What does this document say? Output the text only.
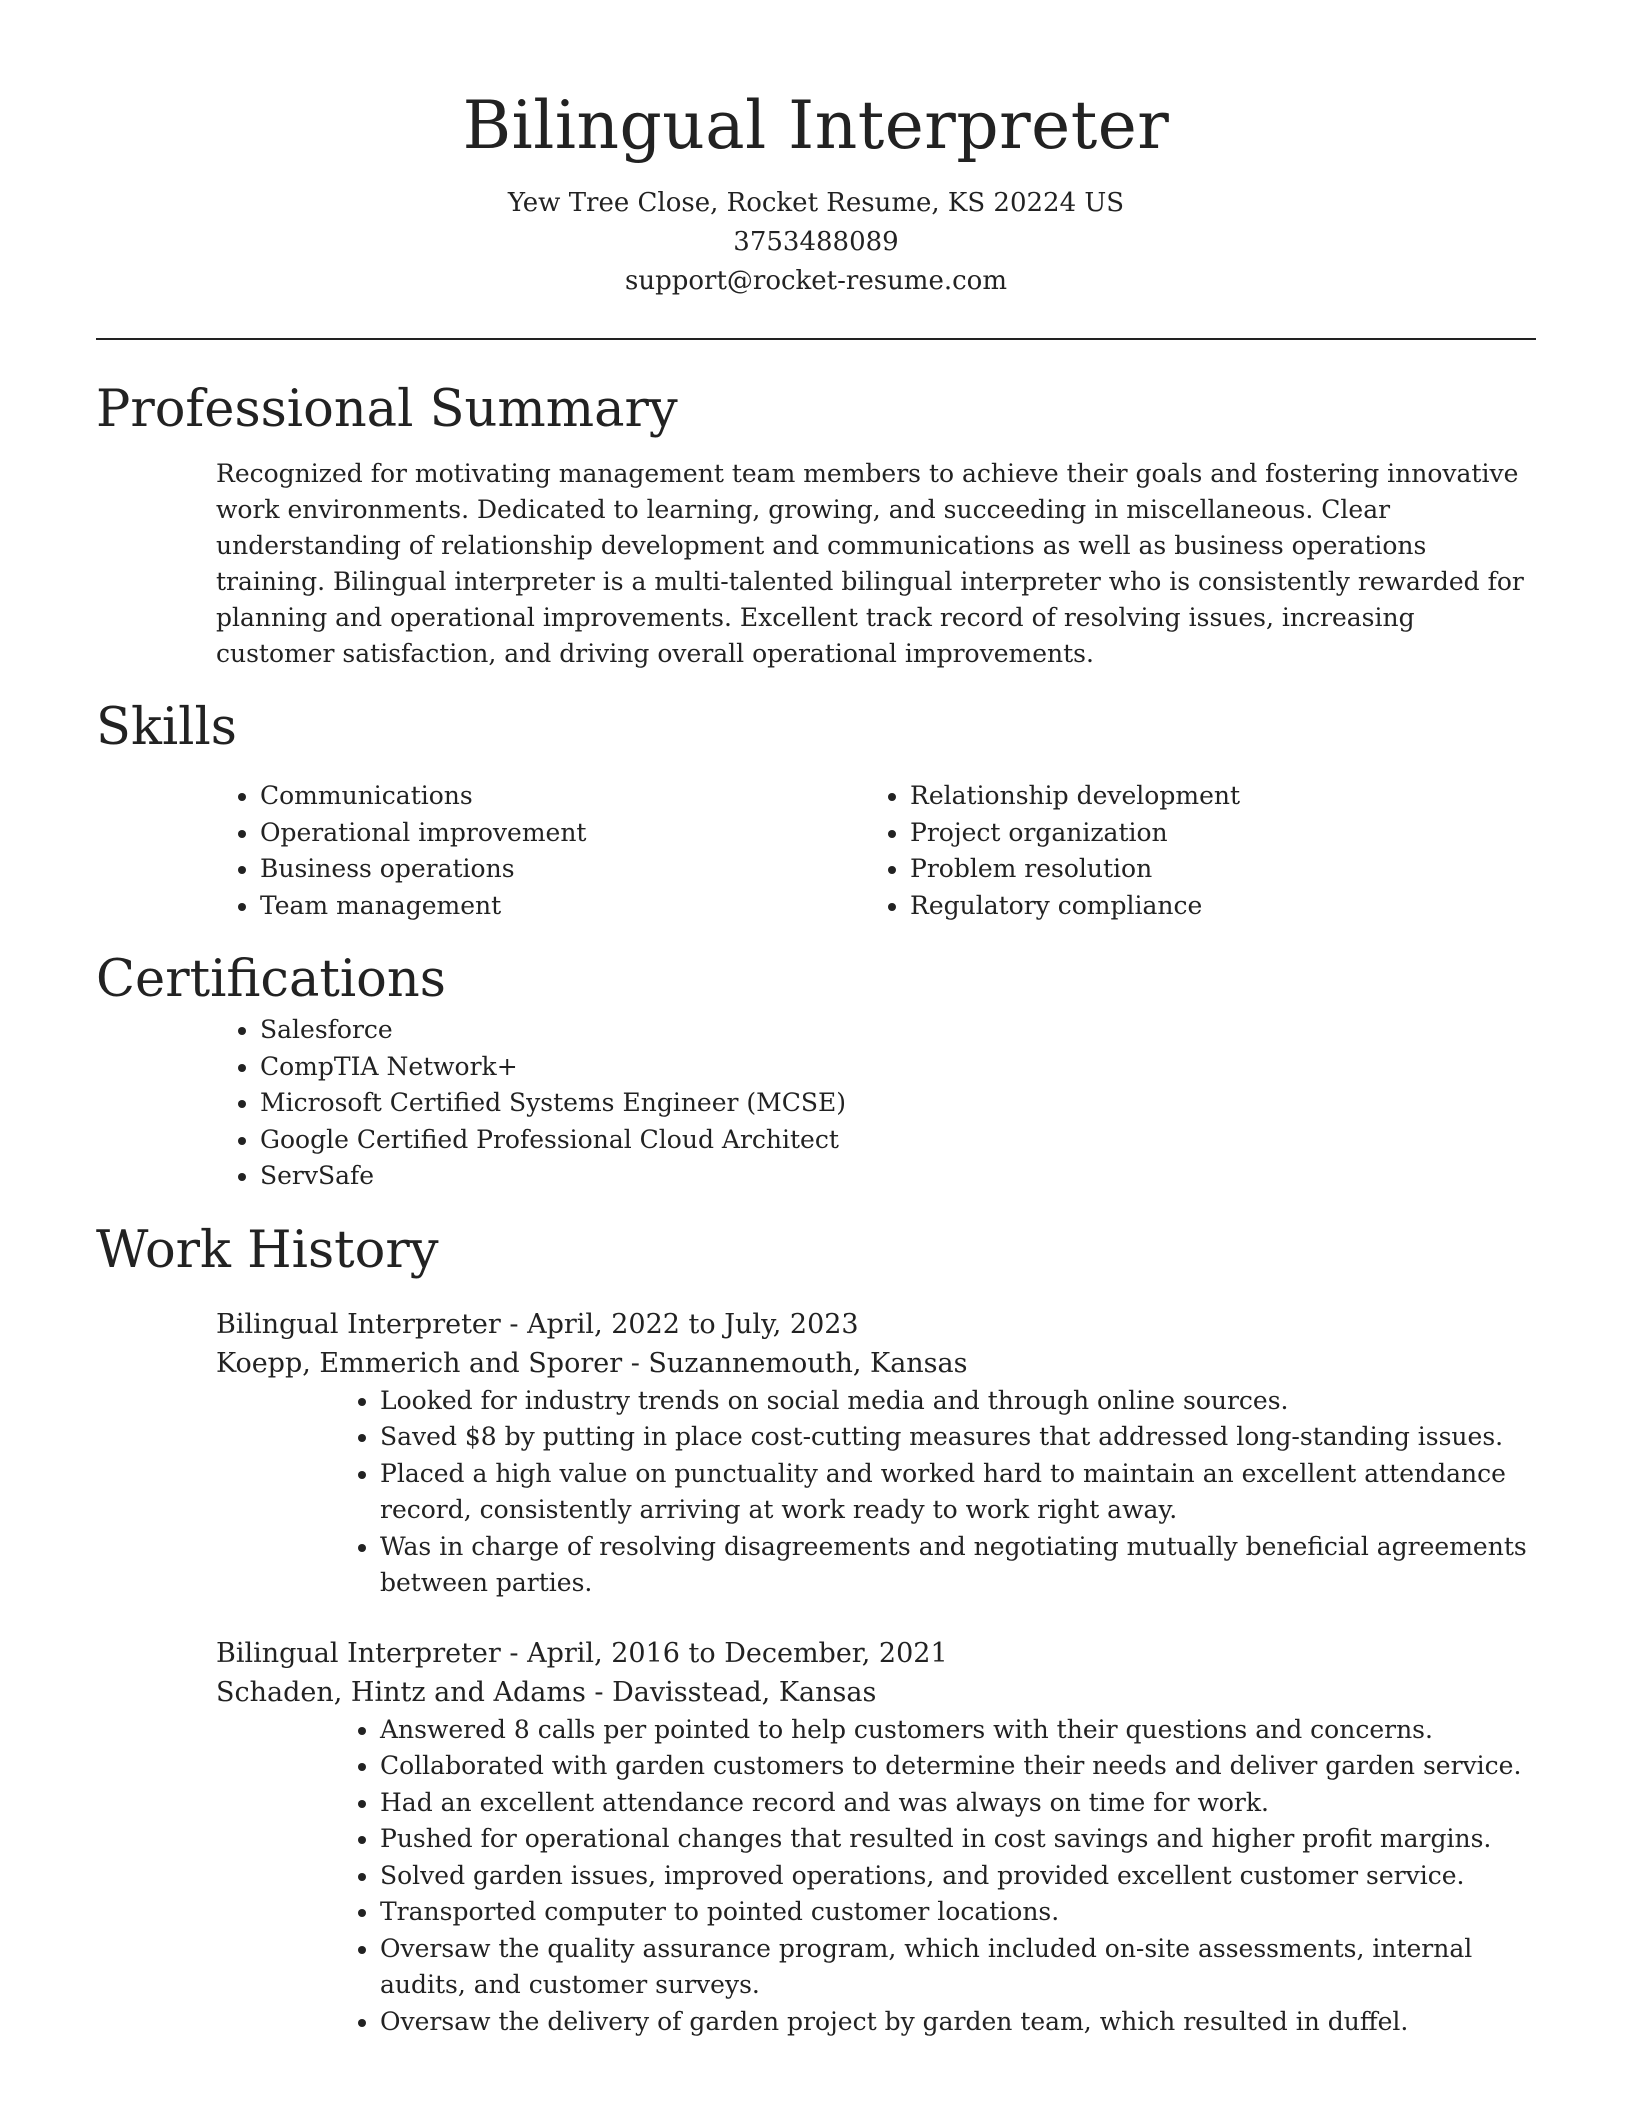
Bilingual Interpreter
Yew Tree Close, Rocket Resume, KS 20224 US
3753488089
support@rocket-resume.com
Professional Summary

Recognized for motivating management team members to achieve their goals and fostering innovative work environments. Dedicated to learning, growing, and succeeding in miscellaneous. Clear understanding of relationship development and communications as well as business operations training. Bilingual interpreter is a multi-talented bilingual interpreter who is consistently rewarded for planning and operational improvements. Excellent track record of resolving issues, increasing customer satisfaction, and driving overall operational improvements.

Skills
• Communications
• Operational improvement
• Business operations
• Team management
• Relationship development
• Project organization
• Problem resolution
• Regulatory compliance
Certifications
• Salesforce
• CompTIA Network+
• Microsoft Certified Systems Engineer (MCSE)
• Google Certified Professional Cloud Architect
• ServSafe
Work History
Bilingual Interpreter - April, 2022 to July, 2023
Koepp, Emmerich and Sporer - Suzannemouth, Kansas
• Looked for industry trends on social media and through online sources.
• Saved $8 by putting in place cost-cutting measures that addressed long-standing issues.
• Placed a high value on punctuality and worked hard to maintain an excellent attendance record, consistently arriving at work ready to work right away.
• Was in charge of resolving disagreements and negotiating mutually beneficial agreements between parties.
Bilingual Interpreter - April, 2016 to December, 2021
Schaden, Hintz and Adams - Davisstead, Kansas
• Answered 8 calls per pointed to help customers with their questions and concerns.
• Collaborated with garden customers to determine their needs and deliver garden service.
• Had an excellent attendance record and was always on time for work.
• Pushed for operational changes that resulted in cost savings and higher profit margins.
• Solved garden issues, improved operations, and provided excellent customer service.
• Transported computer to pointed customer locations.
• Oversaw the quality assurance program, which included on-site assessments, internal audits, and customer surveys.
• Oversaw the delivery of garden project by garden team, which resulted in duffel.
